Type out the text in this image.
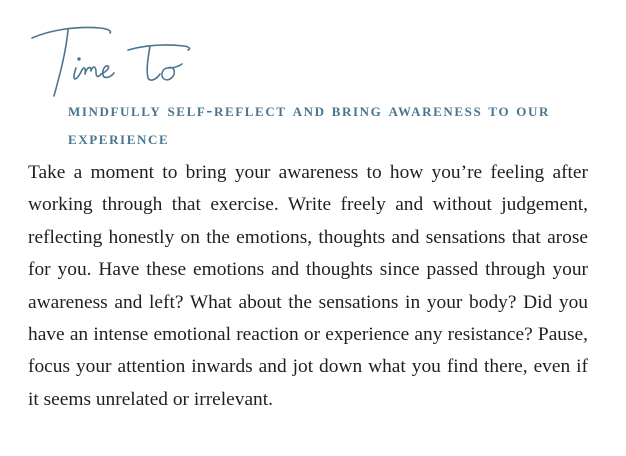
mindfully self-reflect and bring awareness to our experience

Take a moment to bring your awareness to how you’re feeling after working through that exercise. Write freely and without judgement, reflecting honestly on the emotions, thoughts and sensations that arose for you. Have these emotions and thoughts since passed through your awareness and left? What about the sensations in your body? Did you have an intense emotional reaction or experience any resistance? Pause, focus your attention inwards and jot down what you find there, even if it seems unrelated or irrelevant.
